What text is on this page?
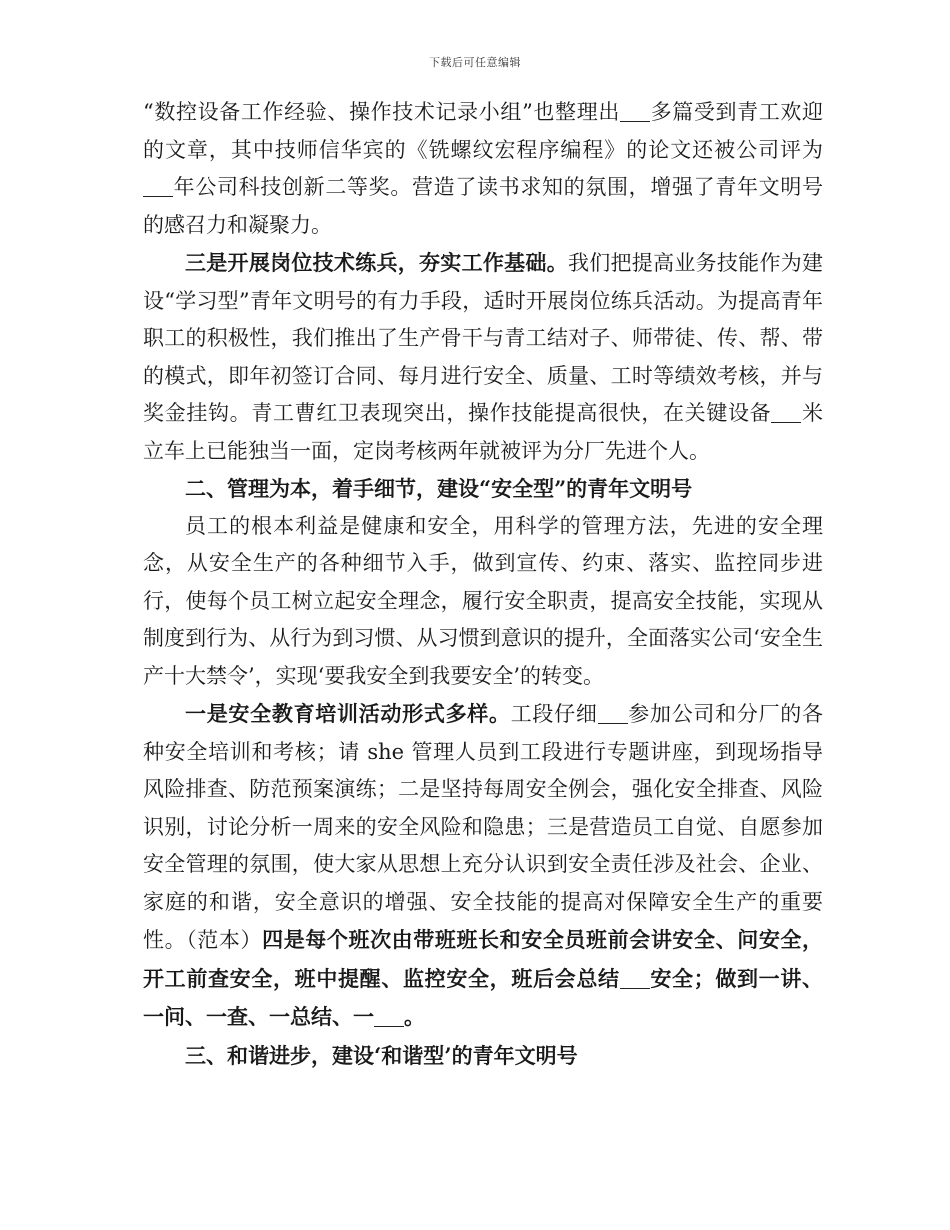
下载后可任意编辑

“数控设备工作经验、操作技术记录小组”也整理出 多篇受到青工欢迎的文章，其中技师信华宾的《铣螺纹宏程序编程》的论文还被公司评为年公司科技创新二等奖。营造了读书求知的氛围，增强了青年文明号的感召力和凝聚力。

三是开展岗位技术练兵，夯实工作基础。我们把提高业务技能作为建设“学习型”青年文明号的有力手段，适时开展岗位练兵活动。为提高青年职工的积极性，我们推出了生产骨干与青工结对子、师带徒、传、帮、带的模式，即年初签订合同、每月进行安全、质量、工时等绩效考核，并与奖金挂钩。青工曹红卫表现突出，操作技能提高很快，在关键设备 米立车上已能独当一面，定岗考核两年就被评为分厂先进个人。

二、管理为本，着手细节，建设“安全型”的青年文明号

员工的根本利益是健康和安全，用科学的管理方法，先进的安全理念，从安全生产的各种细节入手，做到宣传、约束、落实、监控同步进行，使每个员工树立起安全理念，履行安全职责，提高安全技能，实现从制度到行为、从行为到习惯、从习惯到意识的提升，全面落实公司‘安全生产十大禁令’，实现‘要我安全到我要安全’的转变。

一是安全教育培训活动形式多样。工段仔细 参加公司和分厂的各种安全培训和考核；请 she 管理人员到工段进行专题讲座，到现场指导风险排查、防范预案演练；二是坚持每周安全例会，强化安全排查、风险识别，讨论分析一周来的安全风险和隐患；三是营造员工自觉、自愿参加安全管理的氛围，使大家从思想上充分认识到安全责任涉及社会、企业、家庭的和谐，安全意识的增强、安全技能的提高对保障安全生产的重要性。（范本）四是每个班次由带班班长和安全员班前会讲安全、问安全，开工前查安全，班中提醒、监控安全，班后会总结 安全；做到一讲、一问、一查、一总结、一 。

三、和谐进步，建设‘和谐型’的青年文明号
